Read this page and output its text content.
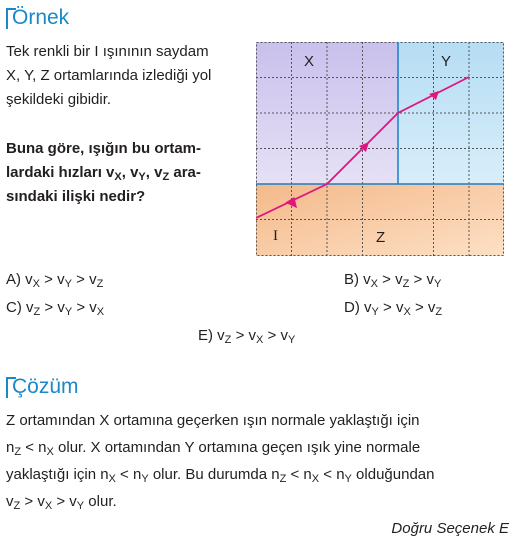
Örnek
Tek renkli bir I ışınının saydam
X, Y, Z ortamlarında izlediği yol
şekildeki gibidir.
Buna göre, ışığın bu ortam-
lardaki hızları $v_X$, $v_Y$, $v_Z$ ara-
sındaki ilişki nedir?
X	Y
Z
I
A) $v_X > v_Y > v_Z$	B) $v_X > v_Z > v_Y$
C) $v_Z > v_Y > v_X$	D) $v_Y > v_X > v_Z$
E) $v_Z > v_X > v_Y$
Çözüm
Z ortamından X ortamına geçerken ışın normale yaklaştığı için
$n_Z < n_X$ olur. X ortamından Y ortamına geçen ışık yine normale
yaklaştığı için $n_X < n_Y$ olur. Bu durumda $n_Z < n_X < n_Y$ olduğundan
$v_Z > v_X > v_Y$ olur.
Doğru Seçenek E
